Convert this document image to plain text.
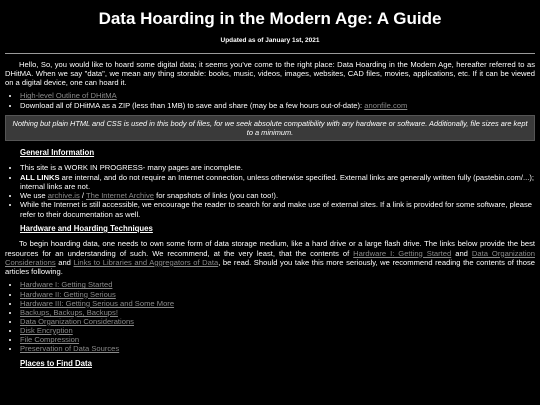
Data Hoarding in the Modern Age: A Guide
Updated as of January 1st, 2021

Hello, So, you would like to hoard some digital data; it seems you've come to the right place: Data Hoarding in the Modern Age, hereafter referred to as DHitMA. When we say "data", we mean any thing storable: books, music, videos, images, websites, CAD files, movies, applications, etc. If it can be viewed on a digital device, one can hoard it.

• High-level Outline of DHitMA
• Download all of DHitMA as a ZIP (less than 1MB) to save and share (may be a few hours out-of-date): anonfile.com
Nothing but plain HTML and CSS is used in this body of files, for we seek absolute compatibility with any hardware or software. Additionally, file sizes are kept to a minimum.
General Information
• This site is a WORK IN PROGRESS- many pages are incomplete.
• ALL LINKS are internal, and do not require an Internet connection, unless otherwise specified. External links are generally written fully (pastebin.com/...); internal links are not.
• We use archive.is / The Internet Archive for snapshots of links (you can too!).
• While the Internet is still accessible, we encourage the reader to search for and make use of external sites. If a link is provided for some software, please refer to their documentation as well.
Hardware and Hoarding Techniques

To begin hoarding data, one needs to own some form of data storage medium, like a hard drive or a large flash drive. The links below provide the best resources for an understanding of such. We recommend, at the very least, that the contents of Hardware I: Getting Started and Data Organization Considerations and Links to Libraries and Aggregators of Data, be read. Should you take this more seriously, we recommend reading the contents of those articles following.

• Hardware I: Getting Started
• Hardware II: Getting Serious
• Hardware III: Getting Serious and Some More
• Backups, Backups, Backups!
• Data Organization Considerations
• Disk Encryption
• File Compression
• Preservation of Data Sources
Places to Find Data
